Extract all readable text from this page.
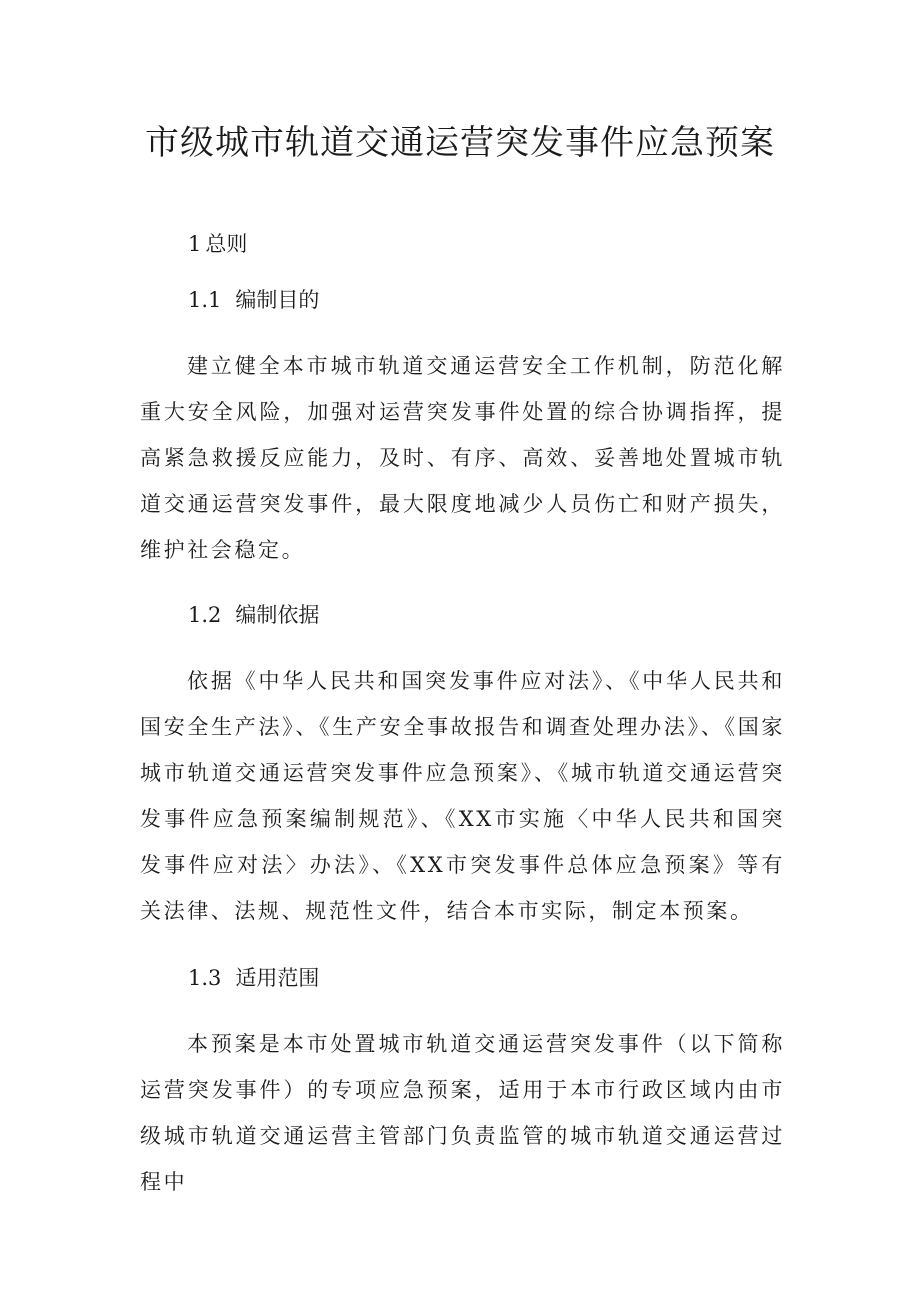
市级城市轨道交通运营突发事件应急预案
1 总则
1.1 编制目的

建立健全本市城市轨道交通运营安全工作机制，防范化解重大安全风险，加强对运营突发事件处置的综合协调指挥，提高紧急救援反应能力，及时、有序、高效、妥善地处置城市轨道交通运营突发事件，最大限度地减少人员伤亡和财产损失，维护社会稳定。

1.2 编制依据

依据《中华人民共和国突发事件应对法》、《中华人民共和国安全生产法》、《生产安全事故报告和调查处理办法》、《国家城市轨道交通运营突发事件应急预案》、《城市轨道交通运营突发事件应急预案编制规范》、《XX市实施〈中华人民共和国突发事件应对法〉办法》、《XX市突发事件总体应急预案》等有关法律、法规、规范性文件，结合本市实际，制定本预案。

1.3 适用范围

本预案是本市处置城市轨道交通运营突发事件（以下简称运营突发事件）的专项应急预案，适用于本市行政区域内由市级城市轨道交通运营主管部门负责监管的城市轨道交通运营过程中
